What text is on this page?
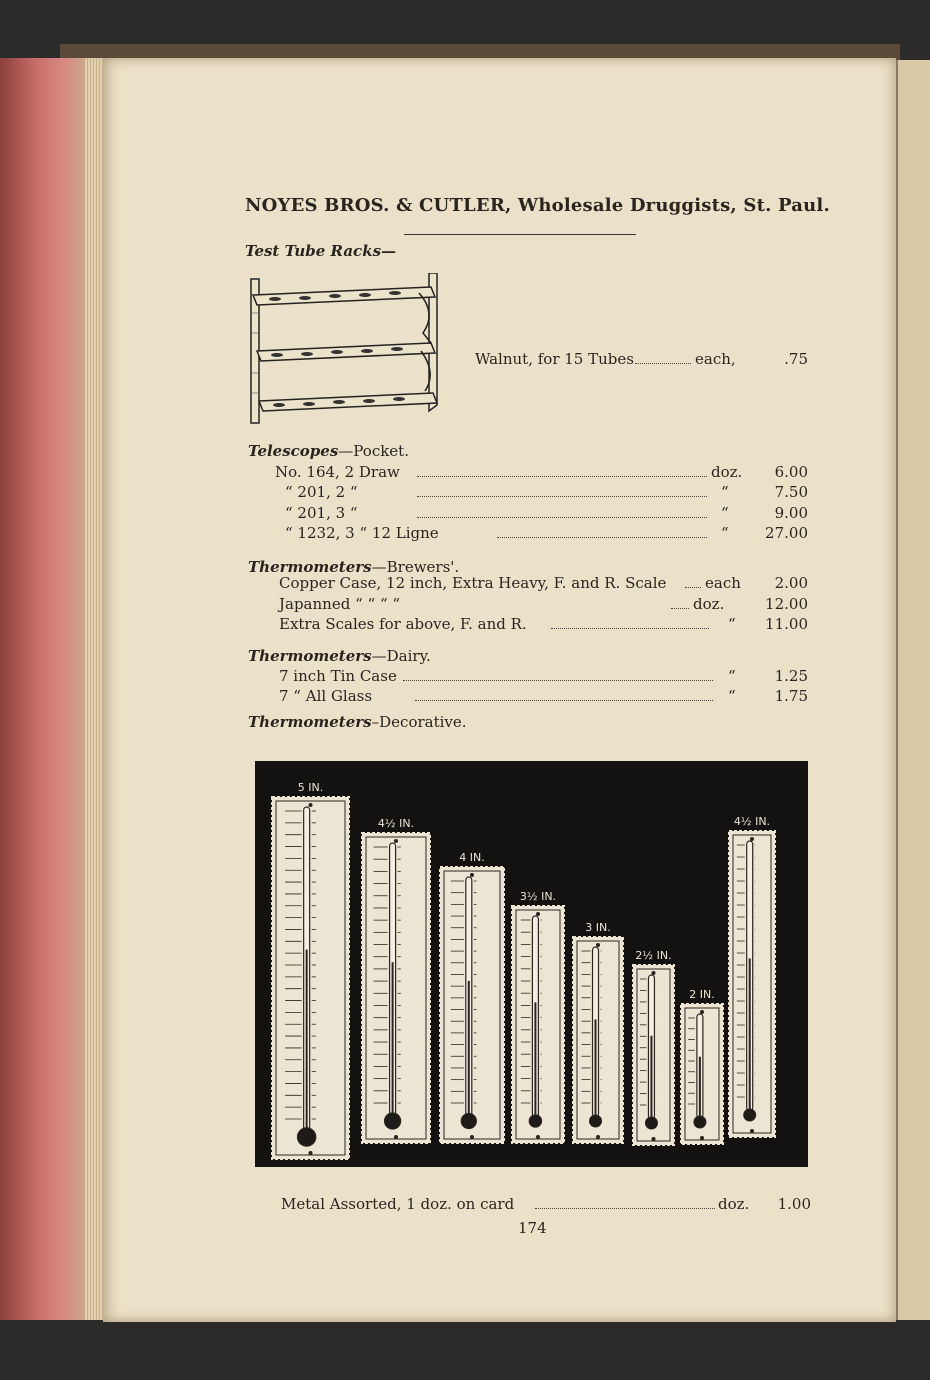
NOYES BROS. & CUTLER, Wholesale Druggists, St. Paul.
Test Tube Racks—
Walnut, for 15 Tubes	each,	.75
Telescopes—Pocket.
No. 164, 2 Draw	doz.	6.00
“ 201, 2 “	“	7.50
“ 201, 3 “	“	9.00
“ 1232, 3 “ 12 Ligne	“	27.00
Thermometers—Brewers'.
Copper Case, 12 inch, Extra Heavy, F. and R. Scale	each	2.00
Japanned “ “ “ “	doz.	12.00
Extra Scales for above, F. and R.	“	11.00
Thermometers—Dairy.
7 inch Tin Case	“	1.25
7 “ All Glass	“	1.75
Thermometers–Decorative.
5 IN.
4½ IN.
4 IN.
3½ IN.
3 IN.
2½ IN.
2 IN.
4½ IN.
Metal Assorted, 1 doz. on card	doz.	1.00
174
